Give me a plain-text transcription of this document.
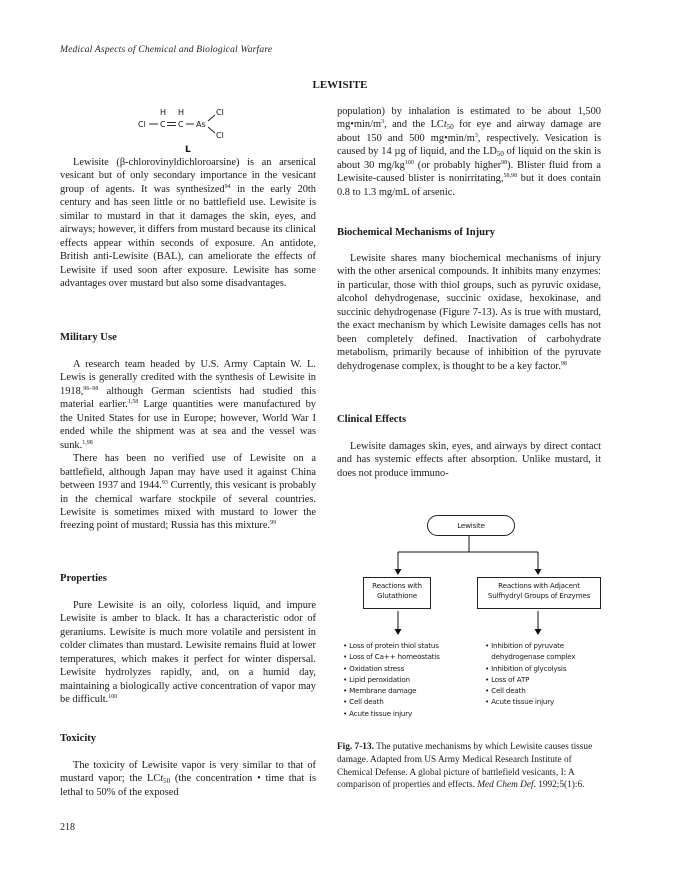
Medical Aspects of Chemical and Biological Warfare
LEWISITE
Cl C
H
C
H
As
Cl
Cl
L

Lewisite (β-chlorovinyldichloroarsine) is an arsenical vesicant but of only secondary importance in the vesicant group of agents. It was synthesized$^{94}$ in the early 20th century and has seen little or no battlefield use. Lewisite is similar to mustard in that it damages the skin, eyes, and airways; however, it differs from mustard because its clinical effects appear within seconds of exposure. An antidote, British anti-Lewisite (BAL), can ameliorate the effects of Lewisite if used soon after exposure. Lewisite has some advantages over mustard but also some disadvantages.

Military Use

A research team headed by U.S. Army Captain W. L. Lewis is generally credited with the synthesis of Lewisite in 1918,$^{96-98}$ although German scientists had studied this material earlier.$^{1,58}$ Large quantities were manufactured by the United States for use in Europe; however, World War I ended while the shipment was at sea and the vessel was sunk.$^{1,98}$

There has been no verified use of Lewisite on a battlefield, although Japan may have used it against China between 1937 and 1944.93 Currently, this vesicant is probably in the chemical warfare stockpile of several countries. Lewisite is sometimes mixed with mustard to lower the freezing point of mustard; Russia has this mixture.$^{99}$

Properties

Pure Lewisite is an oily, colorless liquid, and impure Lewisite is amber to black. It has a characteristic odor of geraniums. Lewisite is much more volatile and persistent in colder climates than mustard. Lewisite remains fluid at lower temperatures, which makes it perfect for winter dispersal. Lewisite hydrolyzes rapidly, and, on a humid day, maintaining a biologically active concentration of vapor may be difficult.$^{100}$

Toxicity

The toxicity of Lewisite vapor is very similar to that of mustard vapor; the LCt$_{50}$ (the concentration • time that is lethal to 50% of the exposed

population) by inhalation is estimated to be about 1,500 $mg•\min/m^3$, and the LCt$_{50}$ for eye and airway damage are about 150 and 500 $mg•\min/m^3$, respectively. Vesication is caused by 14 µg of liquid, and the $LD_{50}$ of liquid on the skin is about 30 $mg/kg^{100}$ (or probably higher$^{98}$). Blister fluid from a Lewisite-caused blister is nonirritating,$^{58,98}$ but it does contain 0.8 to 1.3 mg/mL of arsenic.

Biochemical Mechanisms of Injury

Lewisite shares many biochemical mechanisms of injury with the other arsenical compounds. It inhibits many enzymes: in particular, those with thiol groups, such as pyruvic oxidase, alcohol dehydrogenase, succinic oxidase, hexokinase, and succinic dehydrogenase (Figure 7-13). As is true with mustard, the exact mechanism by which Lewisite damages cells has not been completely defined. Inactivation of carbohydrate metabolism, primarily because of inhibition of the pyruvate dehydrogenase complex, is thought to be a key factor.$^{98}$

Clinical Effects

Lewisite damages skin, eyes, and airways by direct contact and has systemic effects after absorption. Unlike mustard, it does not produce immuno-

Lewisite
Reactions with
Glutathione
Reactions with Adjacent
Sulfhydryl Groups of Enzymes
• Loss of protein thiol status
• Loss of Ca++ homeostatis
• Oxidation stress
• Lipid peroxidation
• Membrane damage
• Cell death
• Acute tissue injury
• Inhibition of pyruvate
dehydrogenase complex
• Inhibition of glycolysis
• Loss of ATP
• Cell death
• Acute tissue injury
Fig. 7-13. The putative mechanisms by which Lewisite causes tissue damage. Adapted from US Army Medical Research Institute of Chemical Defense. A global picture of battlefield vesicants, I: A comparison of properties and effects. Med Chem Def. 1992;5(1):6.
218
